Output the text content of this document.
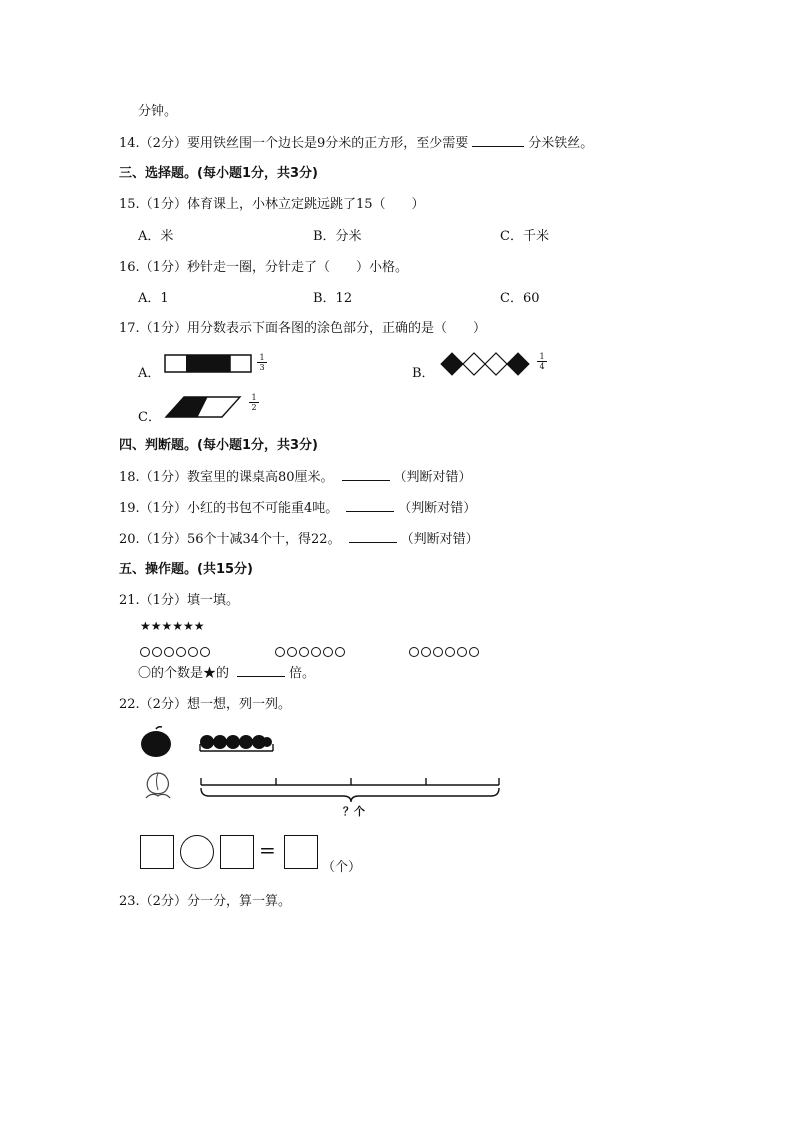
分钟。
14.（2分）要用铁丝围一个边长是9分米的正方形，至少需要	分米铁丝。
三、选择题。(每小题1分，共3分)
15.（1分）体育课上，小林立定跳远跳了15（　　）
A．米	B．分米	C．千米
16.（1分）秒针走一圈，分针走了（　　）小格。
A．1	B．12	C．60
17.（1分）用分数表示下面各图的涂色部分，正确的是（　　）
A．
$\frac{1}{3}$
B．
$\frac{1}{4}$
C．
$\frac{1}{2}$
四、判断题。(每小题1分，共3分)
18.（1分）教室里的课桌高80厘米。	（判断对错）
19.（1分）小红的书包不可能重4吨。	（判断对错）
20.（1分）56个十减34个十，得22。	（判断对错）
五、操作题。(共15分)
21.（1分）填一填。
★★★★★★
〇的个数是★的	倍。
22.（2分）想一想，列一列。
？个
=
（个）
23.（2分）分一分，算一算。
